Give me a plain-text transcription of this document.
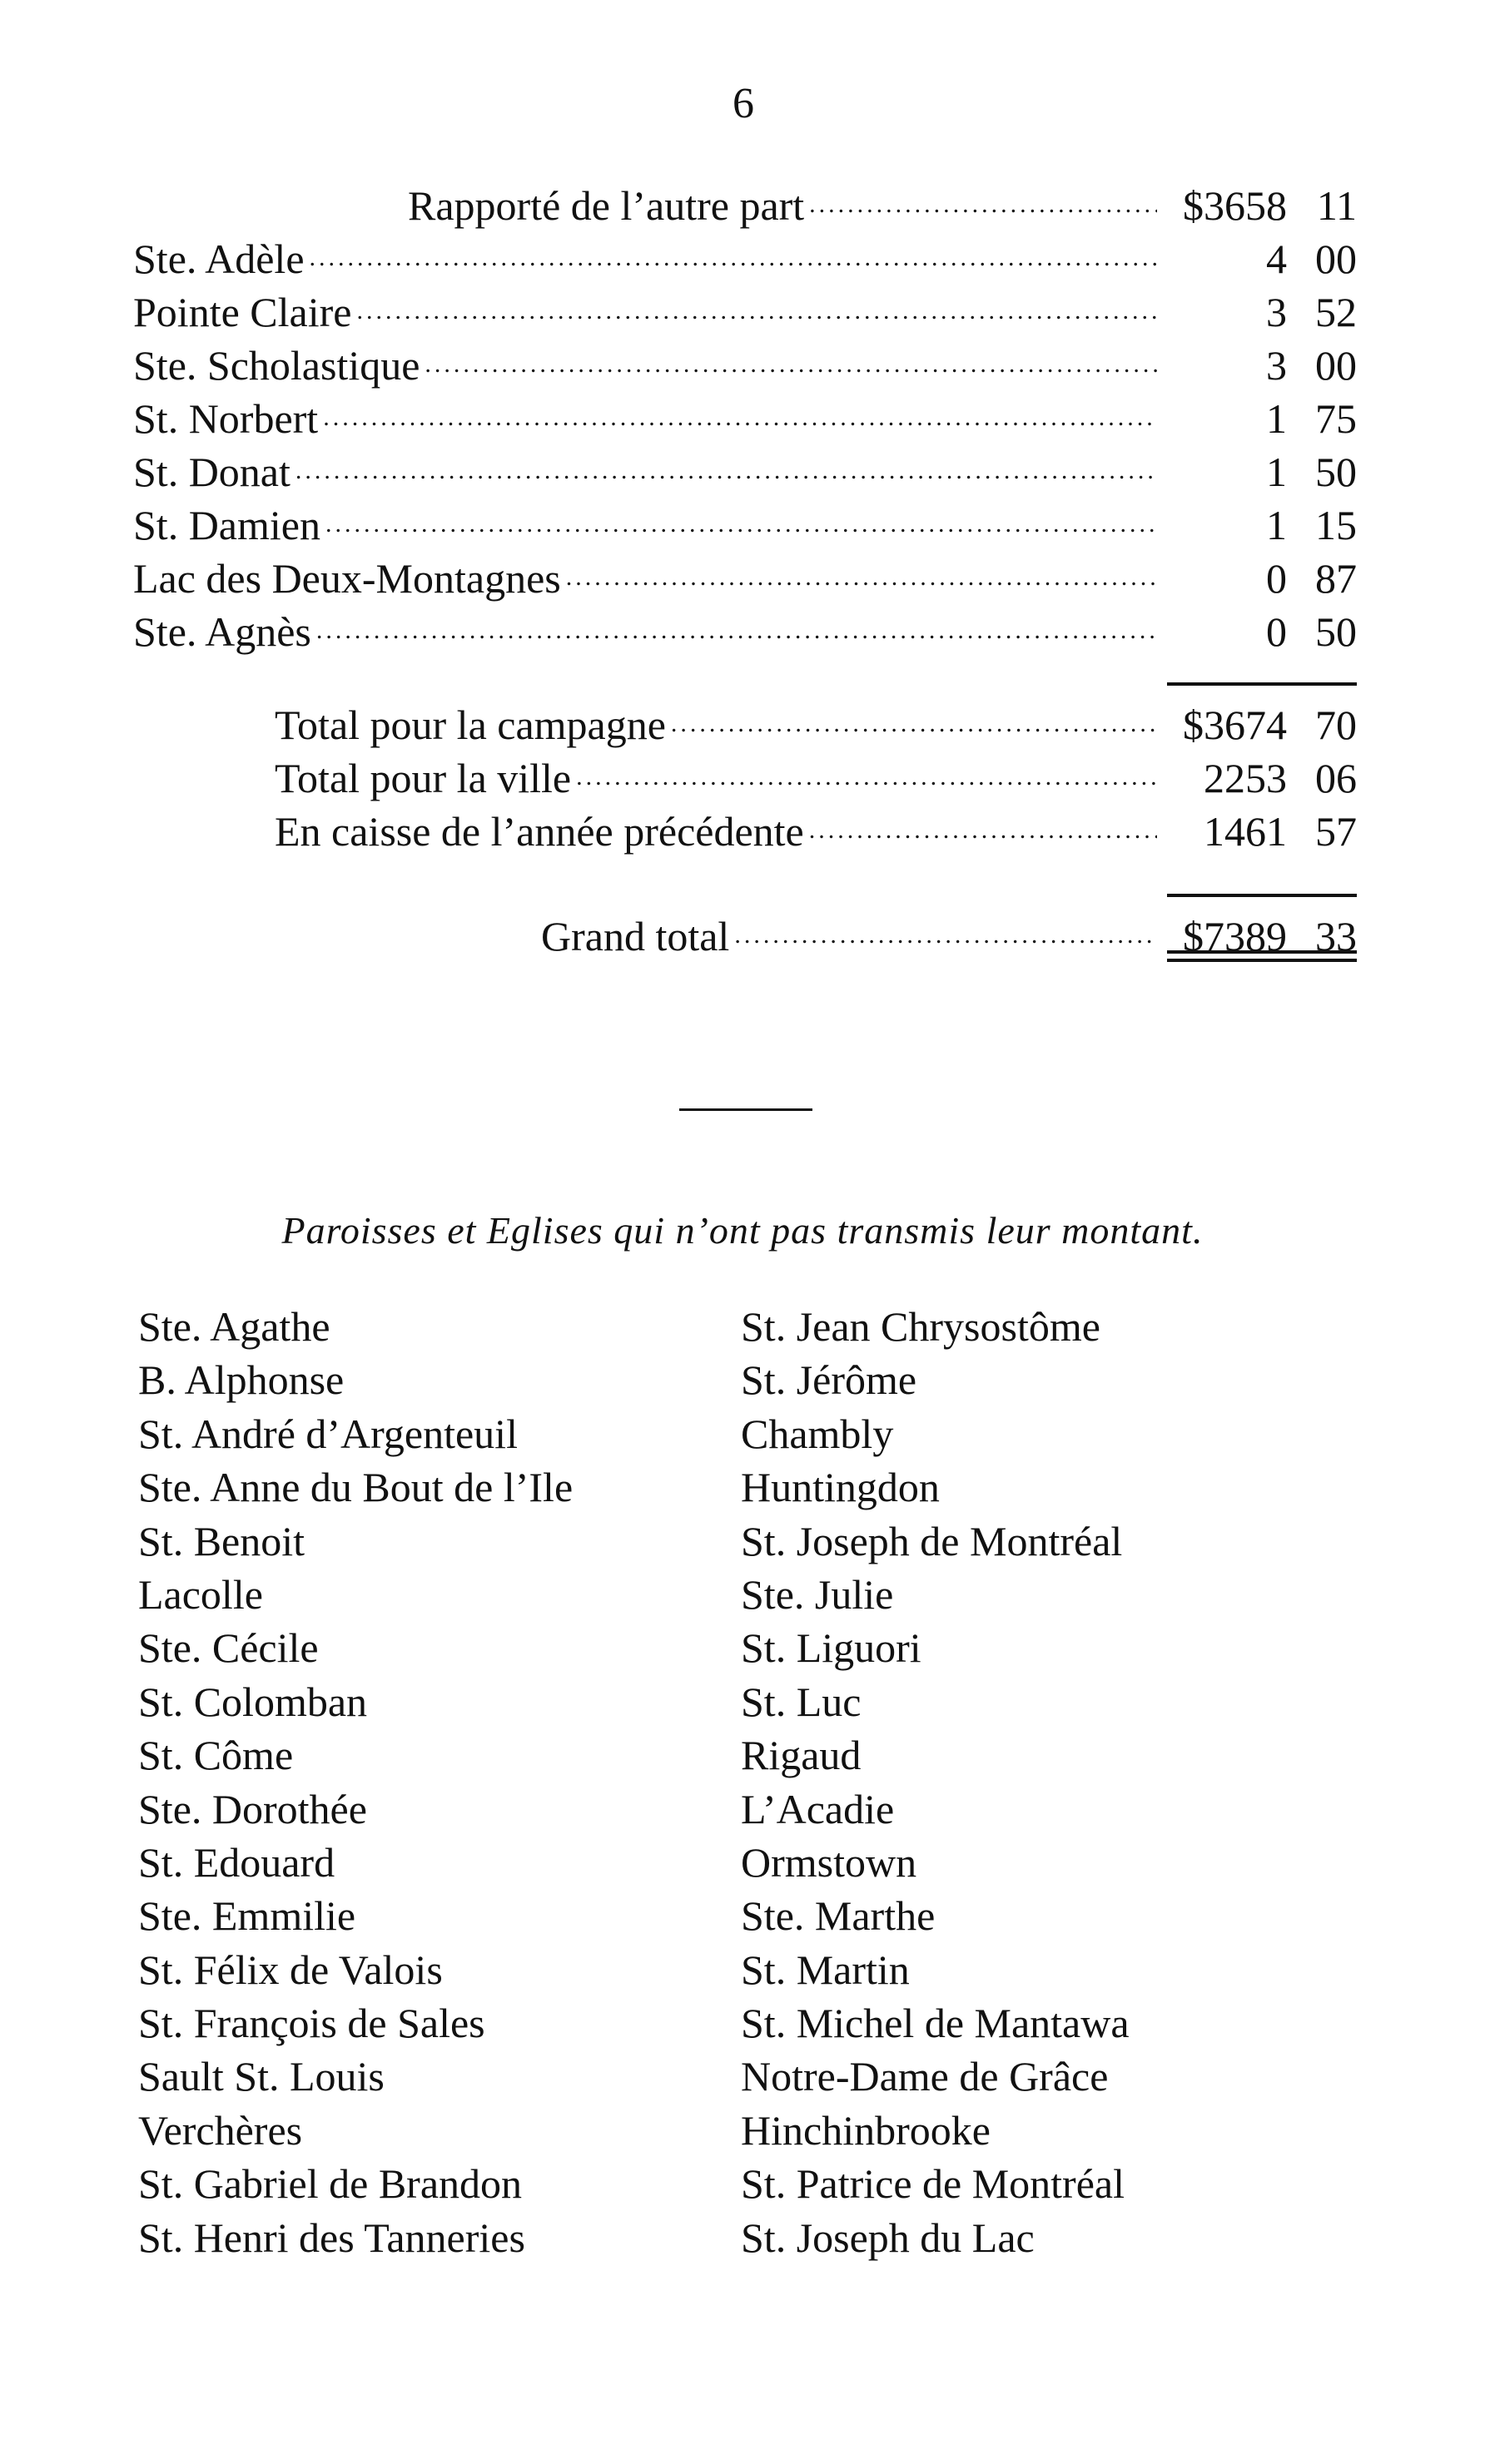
6
Rapporté de l’autre part .....	$3658 11
Ste. Adèle .....	4 00
Pointe Claire .....	3 52
Ste. Scholastique .....	3 00
St. Norbert .....	1 75
St. Donat .....	1 50
St. Damien .....	1 15
Lac des Deux-Montagnes .....	0 87
Ste. Agnès .....	0 50
Total pour la campagne .....	$3674 70
Total pour la ville .....	2253 06
En caisse de l’année précédente .....	1461 57
Grand total .....	$7389 33
Paroisses et Eglises qui n’ont pas transmis leur montant.
Ste. Agathe
B. Alphonse
St. André d’Argenteuil
Ste. Anne du Bout de l’Ile
St. Benoit
Lacolle
Ste. Cécile
St. Colomban
St. Côme
Ste. Dorothée
St. Edouard
Ste. Emmilie
St. Félix de Valois
St. François de Sales
Sault St. Louis
Verchères
St. Gabriel de Brandon
St. Henri des Tanneries
St. Jean Chrysostôme
St. Jérôme
Chambly
Huntingdon
St. Joseph de Montréal
Ste. Julie
St. Liguori
St. Luc
Rigaud
L’Acadie
Ormstown
Ste. Marthe
St. Martin
St. Michel de Mantawa
Notre-Dame de Grâce
Hinchinbrooke
St. Patrice de Montréal
St. Joseph du Lac
